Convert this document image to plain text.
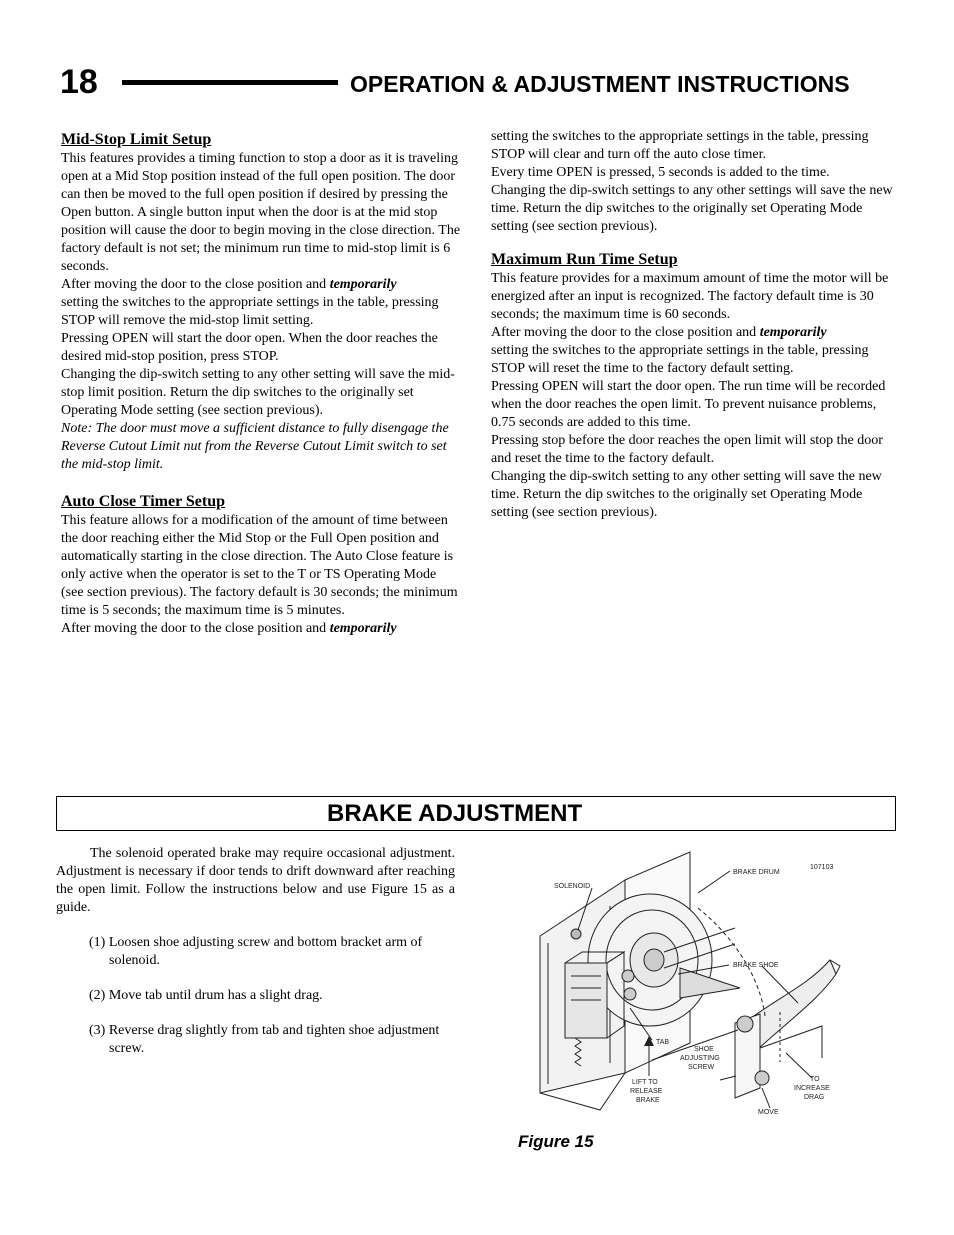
18	OPERATION & ADJUSTMENT INSTRUCTIONS

Mid-Stop Limit Setup

This features provides a timing function to stop a door as it is traveling open at a Mid Stop position instead of the full open position. The door can then be moved to the full open position if desired by pressing the Open button. A single button input when the door is at the mid stop position will cause the door to begin moving in the close direction. The factory default is not set; the minimum run time to mid-stop limit is 6 seconds.

After moving the door to the close position and temporarily
setting the switches to the appropriate settings in the table, pressing STOP will remove the mid-stop limit setting.

Pressing OPEN will start the door open. When the door reaches the desired mid-stop position, press STOP.

Changing the dip-switch setting to any other setting will save the mid-stop limit position. Return the dip switches to the originally set Operating Mode setting (see section previous).

Note: The door must move a sufficient distance to fully disengage the Reverse Cutout Limit nut from the Reverse Cutout Limit switch to set the mid-stop limit.

Auto Close Timer Setup

This feature allows for a modification of the amount of time between the door reaching either the Mid Stop or the Full Open position and automatically starting in the close direction. The Auto Close feature is only active when the operator is set to the T or TS Operating Mode (see section previous). The factory default is 30 seconds; the minimum time is 5 seconds; the maximum time is 5 minutes.

After moving the door to the close position and temporarily

setting the switches to the appropriate settings in the table, pressing STOP will clear and turn off the auto close timer.

Every time OPEN is pressed, 5 seconds is added to the time.

Changing the dip-switch settings to any other settings will save the new time. Return the dip switches to the originally set Operating Mode setting (see section previous).

Maximum Run Time Setup

This feature provides for a maximum amount of time the motor will be energized after an input is recognized. The factory default time is 30 seconds; the maximum time is 60 seconds.

After moving the door to the close position and temporarily
setting the switches to the appropriate settings in the table, pressing STOP will reset the time to the factory default setting.

Pressing OPEN will start the door open. The run time will be recorded when the door reaches the open limit. To prevent nuisance problems, 0.75 seconds are added to this time.

Pressing stop before the door reaches the open limit will stop the door and reset the time to the factory default.

Changing the dip-switch setting to any other setting will save the new time. Return the dip switches to the originally set Operating Mode setting (see section previous).

BRAKE ADJUSTMENT

The solenoid operated brake may require occasional adjustment. Adjustment is necessary if door tends to drift downward after reaching the open limit. Follow the instructions below and use Figure 15 as a guide.

(1) Loosen shoe adjusting screw and bottom bracket arm of solenoid.

(2) Move tab until drum has a slight drag.

(3) Reverse drag slightly from tab and tighten shoe adjustment screw.

SOLENOID
BRAKE DRUM
107103
BRAKE SHOE
TAB
SHOE
ADJUSTING
SCREW
LIFT TO
RELEASE
BRAKE
TO
INCREASE
DRAG
MOVE
Figure 15
